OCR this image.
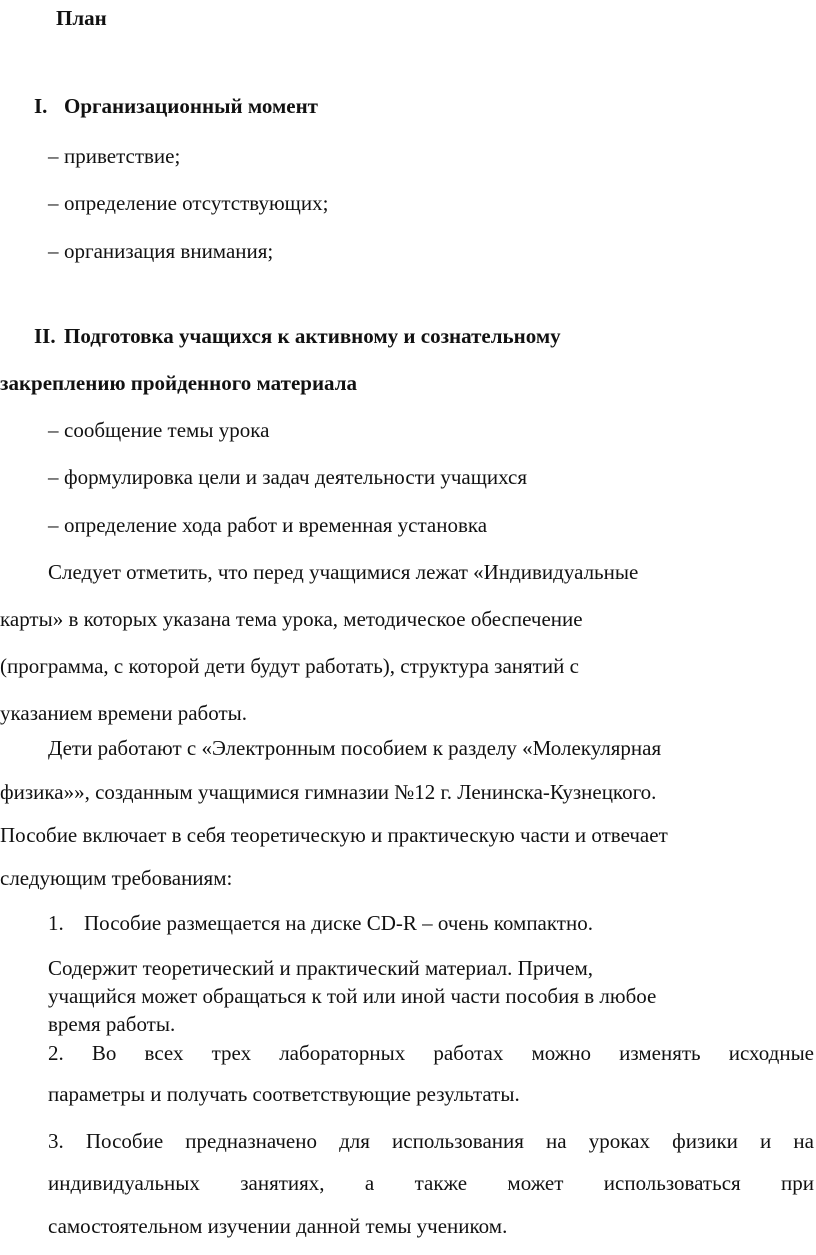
План
I. Организационный момент
– приветствие;
– определение отсутствующих;
– организация внимания;
II. Подготовка учащихся к активному и сознательному
закреплению пройденного материала
– сообщение темы урока
– формулировка цели и задач деятельности учащихся
– определение хода работ и временная установка
Следует отметить, что перед учащимися лежат «Индивидуальные
карты» в которых указана тема урока, методическое обеспечение
(программа, с которой дети будут работать), структура занятий с
указанием времени работы.
Дети работают с «Электронным пособием к разделу «Молекулярная
физика»», созданным учащимися гимназии №12 г. Ленинска-Кузнецкого.
Пособие включает в себя теоретическую и практическую части и отвечает
следующим требованиям:
1. Пособие размещается на диске CD-R – очень компактно.
Содержит теоретический и практический материал. Причем,
учащийся может обращаться к той или иной части пособия в любое
время работы.
2. Во всех трех лабораторных работах можно изменять исходные
параметры и получать соответствующие результаты.
3. Пособие предназначено для использования на уроках физики и на
индивидуальных занятиях, а также может использоваться при
самостоятельном изучении данной темы учеником.
